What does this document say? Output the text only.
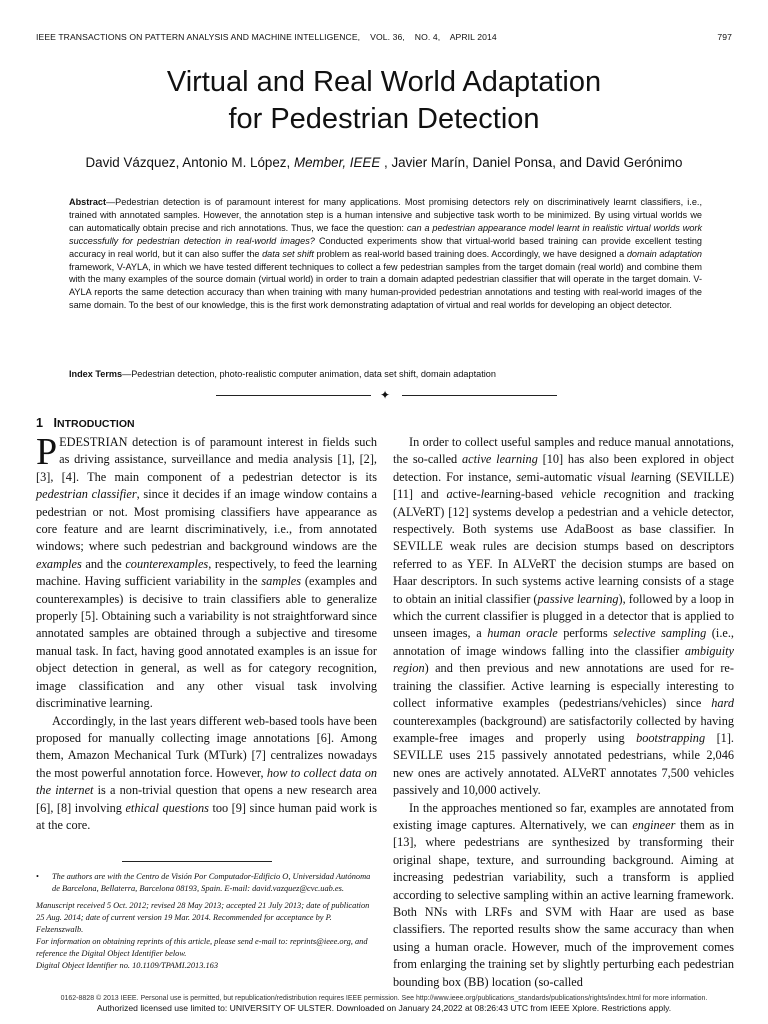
IEEE TRANSACTIONS ON PATTERN ANALYSIS AND MACHINE INTELLIGENCE,    VOL. 36,    NO. 4,    APRIL 2014	797
Virtual and Real World Adaptation
for Pedestrian Detection
David Vázquez, Antonio M. López, Member, IEEE , Javier Marín, Daniel Ponsa, and David Gerónimo

Abstract—Pedestrian detection is of paramount interest for many applications. Most promising detectors rely on discriminatively learnt classifiers, i.e., trained with annotated samples. However, the annotation step is a human intensive and subjective task worth to be minimized. By using virtual worlds we can automatically obtain precise and rich annotations. Thus, we face the question: can a pedestrian appearance model learnt in realistic virtual worlds work successfully for pedestrian detection in real-world images? Conducted experiments show that virtual-world based training can provide excellent testing accuracy in real world, but it can also suffer the data set shift problem as real-world based training does. Accordingly, we have designed a domain adaptation framework, V-AYLA, in which we have tested different techniques to collect a few pedestrian samples from the target domain (real world) and combine them with the many examples of the source domain (virtual world) in order to train a domain adapted pedestrian classifier that will operate in the target domain. V-AYLA reports the same detection accuracy than when training with many human-provided pedestrian annotations and testing with real-world images of the same domain. To the best of our knowledge, this is the first work demonstrating adaptation of virtual and real worlds for developing an object detector.

Index Terms—Pedestrian detection, photo-realistic computer animation, data set shift, domain adaptation

✦
1 INTRODUCTION

PEDESTRIAN detection is of paramount interest in fields such as driving assistance, surveillance and media analysis [1], [2], [3], [4]. The main component of a pedestrian detector is its pedestrian classifier, since it decides if an image window contains a pedestrian or not. Most promising classifiers have appearance as core feature and are learnt discriminatively, i.e., from annotated windows; where such pedestrian and background windows are the examples and the counterexamples, respectively, to feed the learning machine. Having sufficient variability in the samples (examples and counterexamples) is decisive to train classifiers able to generalize properly [5]. Obtaining such a variability is not straightforward since annotated samples are obtained through a subjective and tiresome manual task. In fact, having good annotated examples is an issue for object detection in general, as well as for category recognition, image classification and any other visual task involving discriminative learning.

Accordingly, in the last years different web-based tools have been proposed for manually collecting image annotations [6]. Among them, Amazon Mechanical Turk (MTurk) [7] centralizes nowadays the most powerful annotation force. However, how to collect data on the internet is a non-trivial question that opens a new research area [6], [8] involving ethical questions too [9] since human paid work is at the core.

• The authors are with the Centro de Visión Por Computador-Edificio O, Universidad Autónoma de Barcelona, Bellaterra, Barcelona 08193, Spain. E-mail: david.vazquez@cvc.uab.es.
Manuscript received 5 Oct. 2012; revised 28 May 2013; accepted 21 July 2013; date of publication 25 Aug. 2014; date of current version 19 Mar. 2014. Recommended for acceptance by P. Felzenszwalb.
For information on obtaining reprints of this article, please send e-mail to: reprints@ieee.org, and reference the Digital Object Identifier below.
Digital Object Identifier no. 10.1109/TPAMI.2013.163

In order to collect useful samples and reduce manual annotations, the so-called active learning [10] has also been explored in object detection. For instance, semi-automatic visual learning (SEVILLE) [11] and active-learning-based vehicle recognition and tracking (ALVeRT) [12] systems develop a pedestrian and a vehicle detector, respectively. Both systems use AdaBoost as base classifier. In SEVILLE weak rules are decision stumps based on descriptors referred to as YEF. In ALVeRT the decision stumps are based on Haar descriptors. In such systems active learning consists of a stage to obtain an initial classifier (passive learning), followed by a loop in which the current classifier is plugged in a detector that is applied to unseen images, a human oracle performs selective sampling (i.e., annotation of image windows falling into the classifier ambiguity region) and then previous and new annotations are used for re-training the classifier. Active learning is especially interesting to collect informative examples (pedestrians/vehicles) since hard counterexamples (background) are satisfactorily collected by having example-free images and properly using bootstrapping [1]. SEVILLE uses 215 passively annotated pedestrians, while 2,046 new ones are actively annotated. ALVeRT annotates 7,500 vehicles passively and 10,000 actively.

In the approaches mentioned so far, examples are annotated from existing image captures. Alternatively, we can engineer them as in [13], where pedestrians are synthesized by transforming their original shape, texture, and surrounding background. Aiming at increasing pedestrian variability, such a transform is applied according to selective sampling within an active learning framework. Both NNs with LRFs and SVM with Haar are used as base classifiers. The reported results show the same accuracy than when using a human oracle. However, much of the improvement comes from enlarging the training set by slightly perturbing each pedestrian bounding box (BB) location (so-called

0162-8828 © 2013 IEEE. Personal use is permitted, but republication/redistribution requires IEEE permission. See http://www.ieee.org/publications_standards/publications/rights/index.html for more information.
Authorized licensed use limited to: UNIVERSITY OF ULSTER. Downloaded on January 24,2022 at 08:26:43 UTC from IEEE Xplore. Restrictions apply.
